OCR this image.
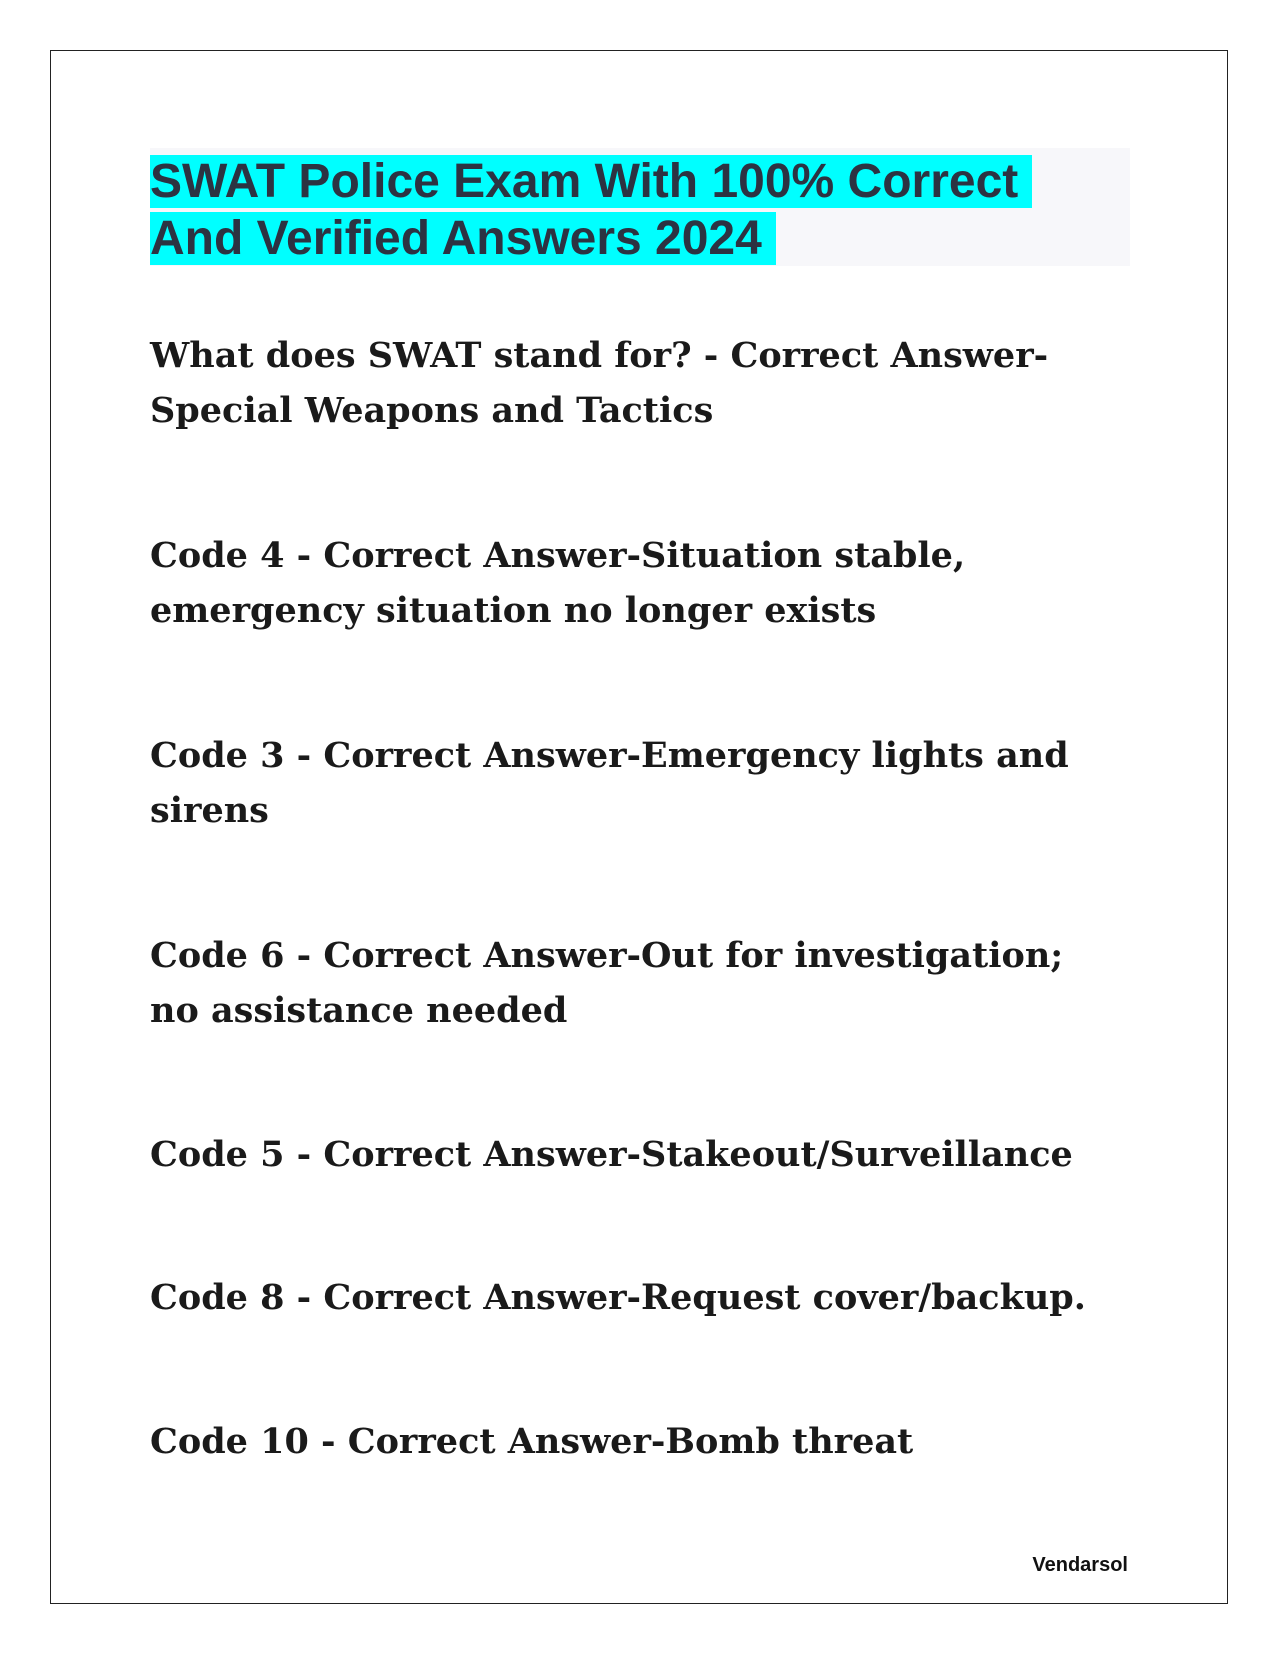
SWAT Police Exam With 100% Correct And Verified Answers 2024

What does SWAT stand for? - Correct Answer-Special Weapons and Tactics

Code 4 - Correct Answer-Situation stable, emergency situation no longer exists

Code 3 - Correct Answer-Emergency lights and sirens

Code 6 - Correct Answer-Out for investigation; no assistance needed

Code 5 - Correct Answer-Stakeout/Surveillance

Code 8 - Correct Answer-Request cover/backup.

Code 10 - Correct Answer-Bomb threat

Vendarsol
